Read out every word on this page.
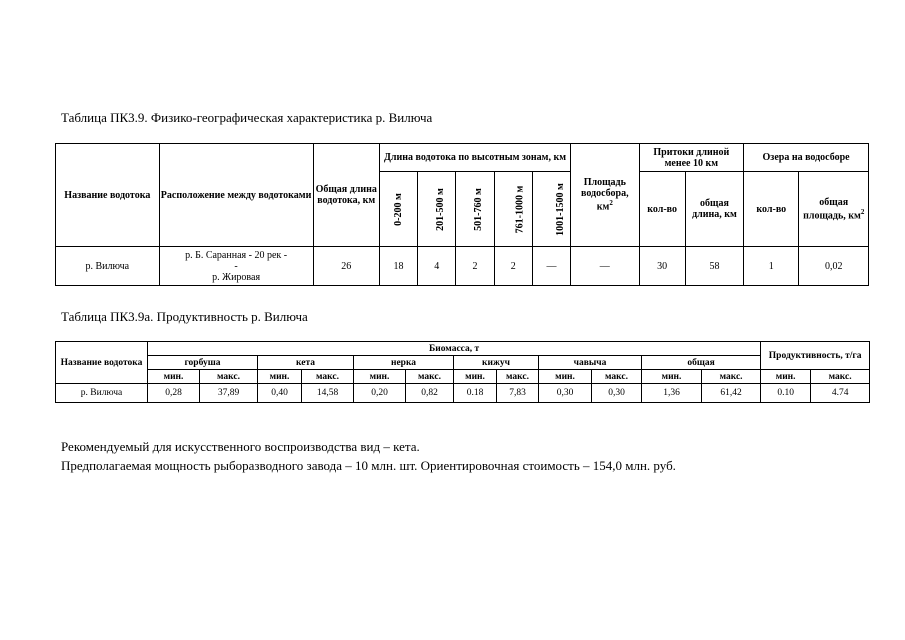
Таблица ПК3.9. Физико-географическая характеристика р. Вилюча
Название водотока	Расположение между водотоками	Общая длина водотока, км	Длина водотока по высотным зонам, км					Площадь водосбора, $км^2$	Притоки длиной менее 10 км		Озера на водосборе	
			0-200 м	201-500 м	501-760 м	761-1000 м	1001-1500 м		кол-во	общая длина, км	кол-во	общая площадь, $км^2$
р. Вилюча	р. Б. Саранная - 20 рек -
-
р. Жировая	26	18	4	2	2	—	—	30	58	1	0,02
Таблица ПК3.9а. Продуктивность р. Вилюча
Название водотока	Биомасса, т												Продуктивность, т/га	
	горбуша		кета		нерка		кижуч		чавыча		общая			
	мин.	макс.	мин.	макс.	мин.	макс.	мин.	макс.	мин.	макс.	мин.	макс.	мин.	макс.
р. Вилюча	0,28	37,89	0,40	14,58	0,20	0,82	0.18	7,83	0,30	0,30	1,36	61,42	0.10	4.74
Рекомендуемый для искусственного воспроизводства вид – кета.
Предполагаемая мощность рыборазводного завода – 10 млн. шт. Ориентировочная стоимость – 154,0 млн. руб.
